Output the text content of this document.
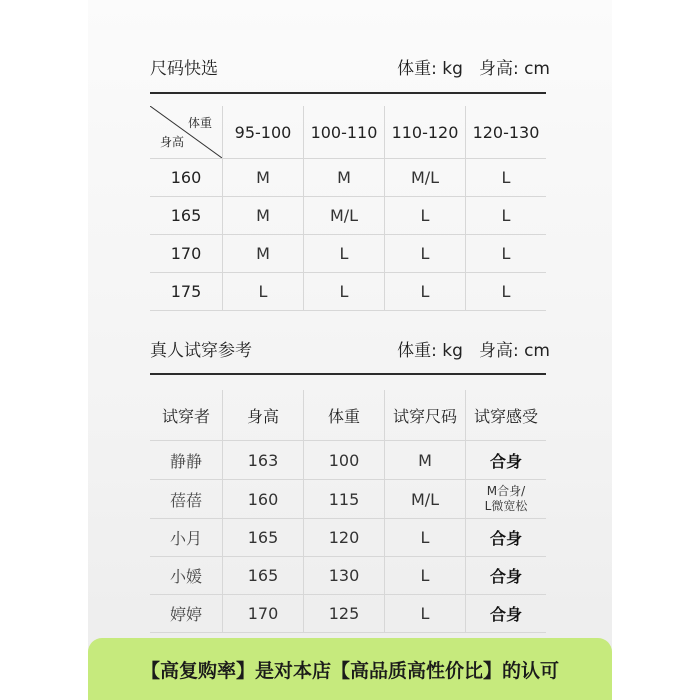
尺码快选	体重: kg 身高: cm
体重
身高
95-100	100-110 110-120 120-130
160	M	M	M/L	L
165	M	M/L	L	L
170	M	L	L	L
175	L	L	L	L
真人试穿参考	体重: kg 身高: cm
试穿者	身高	体重	试穿尺码	试穿感受
静静	163	100	M	合身
蓓蓓	160	115	M/L	M合身/
L微宽松
小月	165	120	L	合身
小媛	165	130	L	合身
婷婷	170	125	L	合身
【高复购率】是对本店【高品质高性价比】的认可
